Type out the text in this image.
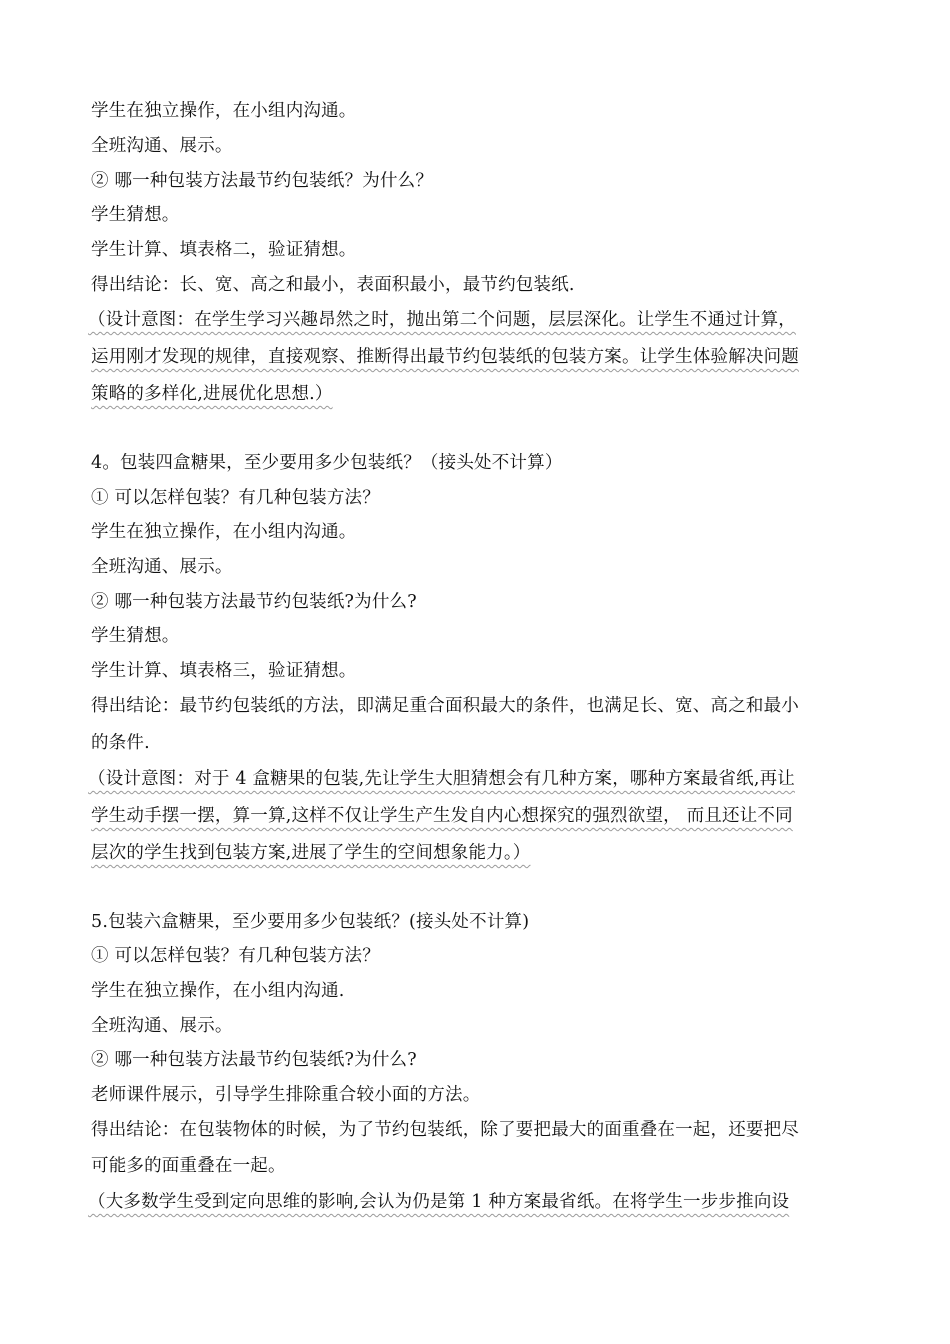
学生在独立操作，在小组内沟通。
全班沟通、展示。
② 哪一种包装方法最节约包装纸？为什么？
学生猜想。
学生计算、填表格二，验证猜想。
得出结论：长、宽、高之和最小，表面积最小，最节约包装纸.
（设计意图：在学生学习兴趣昂然之时，抛出第二个问题，层层深化。让学生不通过计算，
运用刚才发现的规律，直接观察、推断得出最节约包装纸的包装方案。让学生体验解决问题
策略的多样化,进展优化思想.）
4。包装四盒糖果，至少要用多少包装纸？（接头处不计算）
① 可以怎样包装？有几种包装方法？
学生在独立操作，在小组内沟通。
全班沟通、展示。
② 哪一种包装方法最节约包装纸?为什么?
学生猜想。
学生计算、填表格三，验证猜想。
得出结论：最节约包装纸的方法，即满足重合面积最大的条件，也满足长、宽、高之和最小
的条件.
（设计意图：对于 4 盒糖果的包装,先让学生大胆猜想会有几种方案，哪种方案最省纸,再让
学生动手摆一摆，算一算,这样不仅让学生产生发自内心想探究的强烈欲望， 而且还让不同
层次的学生找到包装方案,进展了学生的空间想象能力。）
5.包装六盒糖果，至少要用多少包装纸？(接头处不计算)
① 可以怎样包装？有几种包装方法？
学生在独立操作，在小组内沟通.
全班沟通、展示。
② 哪一种包装方法最节约包装纸?为什么?
老师课件展示，引导学生排除重合较小面的方法。
得出结论：在包装物体的时候，为了节约包装纸，除了要把最大的面重叠在一起，还要把尽
可能多的面重叠在一起。
（大多数学生受到定向思维的影响,会认为仍是第 1 种方案最省纸。在将学生一步步推向设
